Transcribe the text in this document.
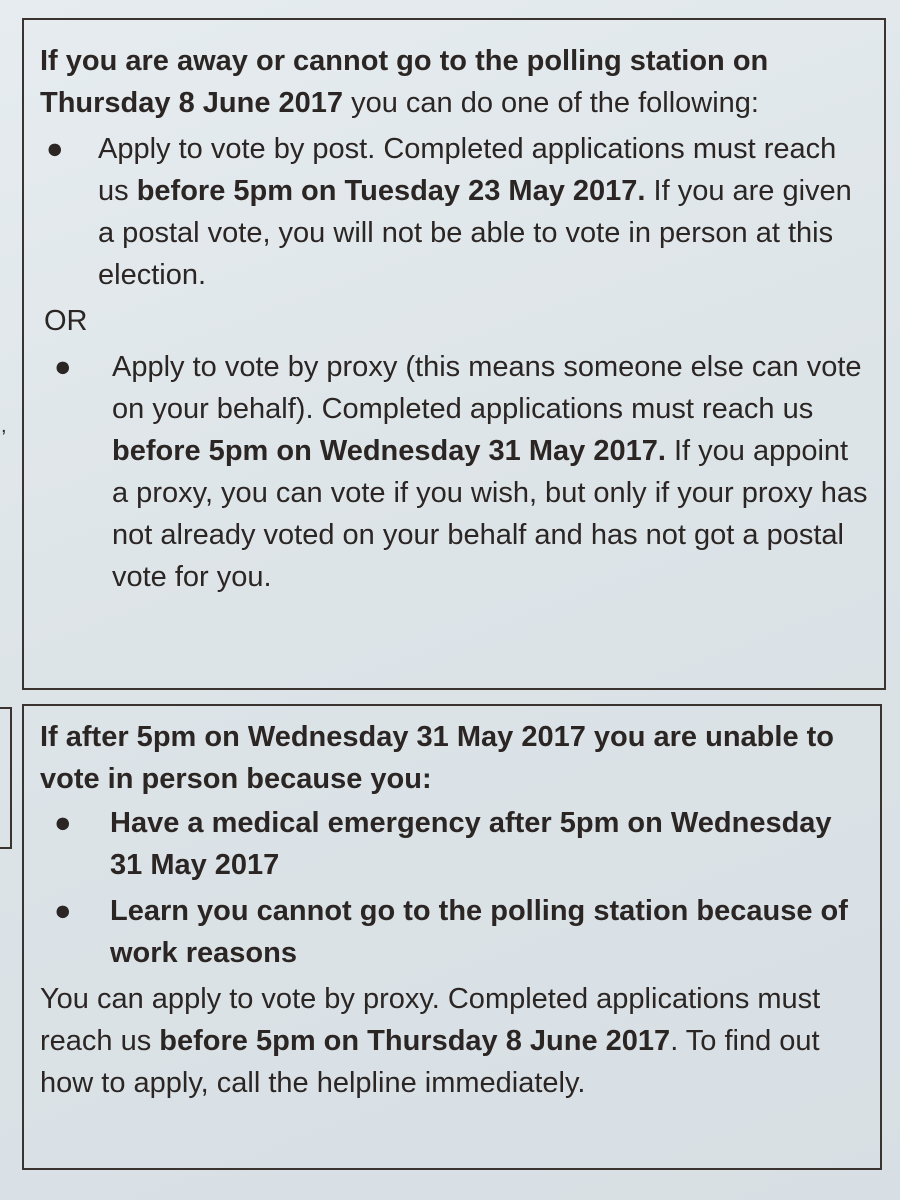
,

If you are away or cannot go to the polling station on Thursday 8 June 2017 you can do one of the following:

●	Apply to vote by post. Completed applications must reach us before 5pm on Tuesday 23 May 2017. If you are given a postal vote, you will not be able to vote in person at this election.

OR

●	Apply to vote by proxy (this means someone else can vote on your behalf). Completed applications must reach us before 5pm on Wednesday 31 May 2017. If you appoint a proxy, you can vote if you wish, but only if your proxy has not already voted on your behalf and has not got a postal vote for you.

If after 5pm on Wednesday 31 May 2017 you are unable to vote in person because you:

●	Have a medical emergency after 5pm on Wednesday 31 May 2017
●	Learn you cannot go to the polling station because of work reasons

You can apply to vote by proxy. Completed applications must reach us before 5pm on Thursday 8 June 2017. To find out how to apply, call the helpline immediately.
